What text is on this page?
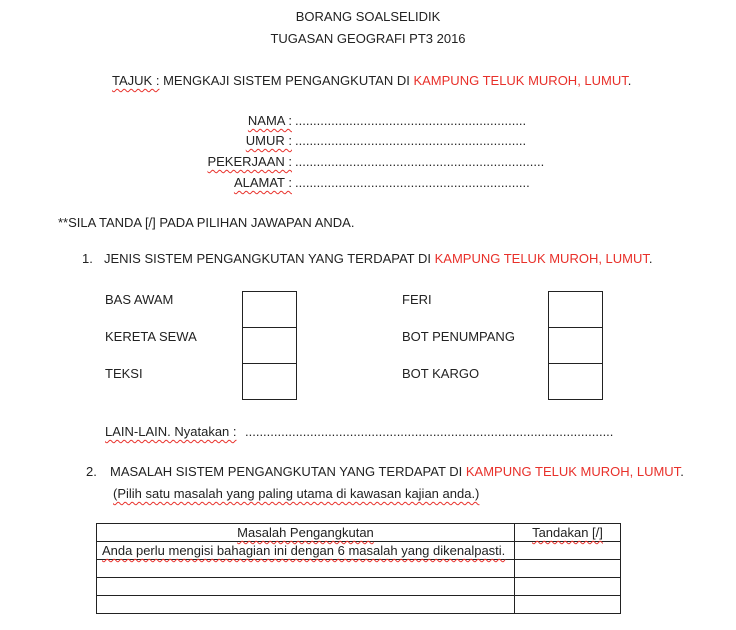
BORANG SOALSELIDIK
TUGASAN GEOGRAFI PT3 2016
TAJUK : MENGKAJI SISTEM PENGANGKUTAN DI KAMPUNG TELUK MUROH, LUMUT.
NAMA : ................................................................
UMUR : ................................................................
PEKERJAAN : .....................................................................
ALAMAT : .................................................................
**SILA TANDA [/] PADA PILIHAN JAWAPAN ANDA.
1. JENIS SISTEM PENGANGKUTAN YANG TERDAPAT DI KAMPUNG TELUK MUROH, LUMUT.
BAS AWAM
KERETA SEWA
TEKSI
FERI
BOT PENUMPANG
BOT KARGO
LAIN-LAIN. Nyatakan : ......................................................................................................
2. MASALAH SISTEM PENGANGKUTAN YANG TERDAPAT DI KAMPUNG TELUK MUROH, LUMUT.
(Pilih satu masalah yang paling utama di kawasan kajian anda.)
Masalah Pengangkutan	Tandakan [/]
Anda perlu mengisi bahagian ini dengan 6 masalah yang dikenalpasti.	
